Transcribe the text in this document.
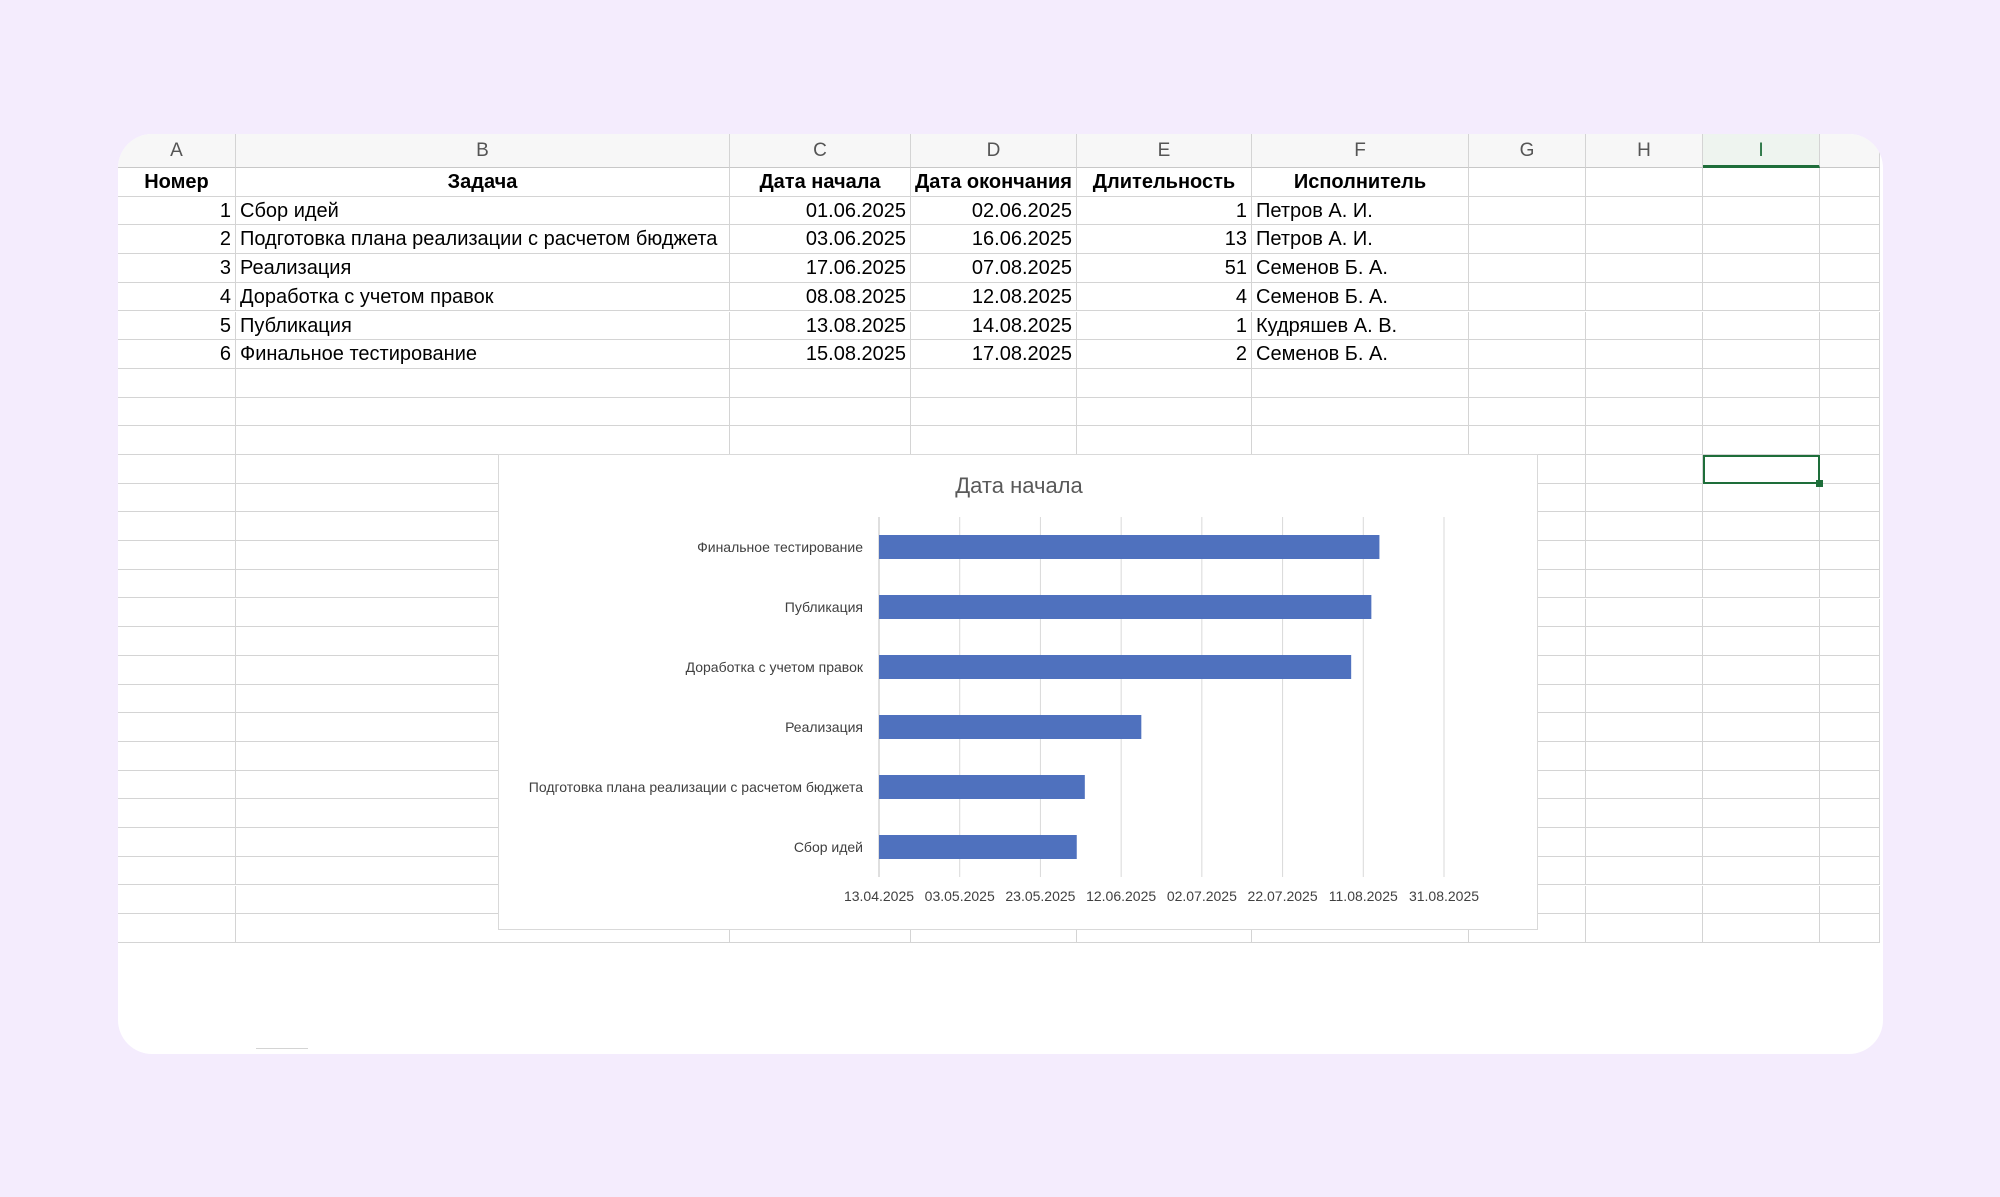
A	B	C	D	E	F	G	H	I
Номер	Задача	Дата начала	Дата окончания	Длительность	Исполнитель
1 Сбор идей	01.06.2025	02.06.2025	1 Петров А. И.
2 Подготовка плана реализации с расчетом бюджета	03.06.2025	16.06.2025	13 Петров А. И.
3 Реализация	17.06.2025	07.08.2025	51 Семенов Б. А.
4 Доработка с учетом правок	08.08.2025	12.08.2025	4 Семенов Б. А.
5 Публикация	13.08.2025	14.08.2025	1 Кудряшев А. В.
6 Финальное тестирование	15.08.2025	17.08.2025	2 Семенов Б. А.
Дата начала
13.04.2025 03.05.2025 23.05.2025 12.06.2025 02.07.2025 22.07.2025 11.08.2025 31.08.2025
Сбор идей
Подготовка плана реализации с расчетом бюджета
Реализация
Доработка с учетом правок
Публикация
Финальное тестирование
